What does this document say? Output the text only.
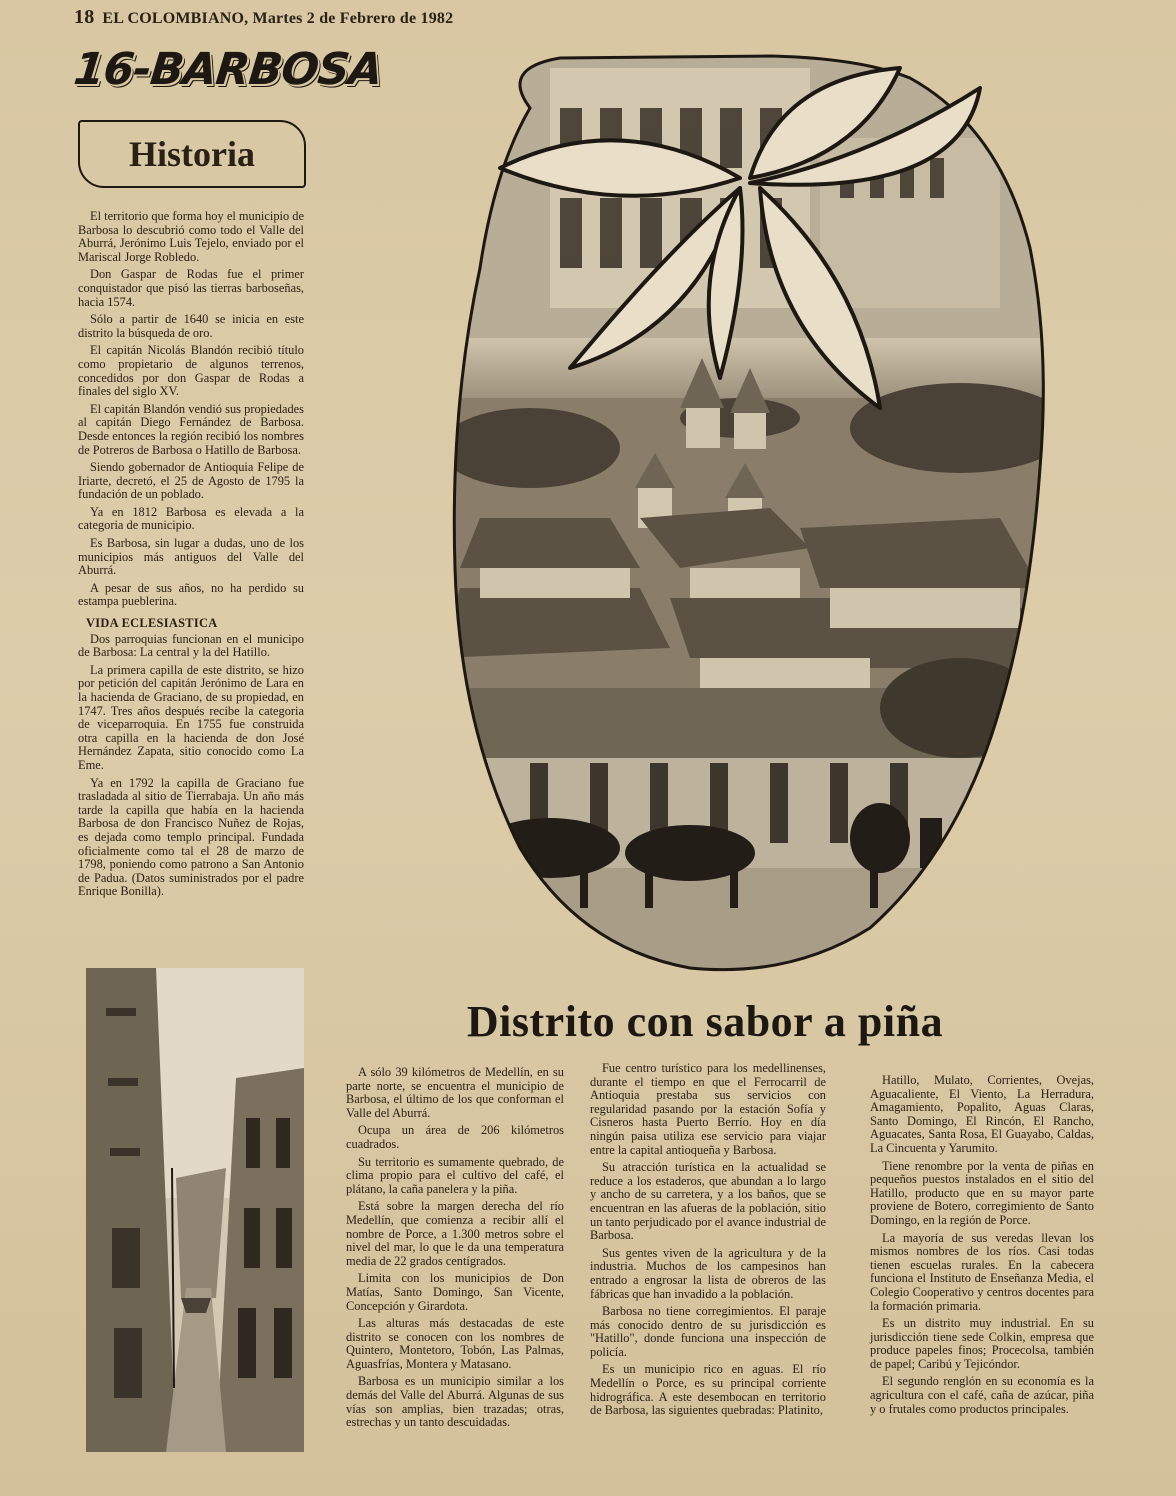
18 EL COLOMBIANO, Martes 2 de Febrero de 1982
16-BARBOSA
Historia

El territorio que forma hoy el municipio de Barbosa lo descubrió como todo el Valle del Aburrá, Jerónimo Luis Tejelo, enviado por el Mariscal Jorge Robledo.

Don Gaspar de Rodas fue el primer conquistador que pisó las tierras barboseñas, hacia 1574.

Sólo a partir de 1640 se inicia en este distrito la búsqueda de oro.

El capitán Nicolás Blandón recibió título como propietario de algunos terrenos, concedidos por don Gaspar de Rodas a finales del siglo XV.

El capitán Blandón vendió sus propiedades al capitán Diego Fernández de Barbosa. Desde entonces la región recibió los nombres de Potreros de Barbosa o Hatillo de Barbosa.

Siendo gobernador de Antioquia Felipe de Iriarte, decretó, el 25 de Agosto de 1795 la fundación de un poblado.

Ya en 1812 Barbosa es elevada a la categoria de municipio.

Es Barbosa, sin lugar a dudas, uno de los municipios más antiguos del Valle del Aburrá.

A pesar de sus años, no ha perdido su estampa pueblerina.

VIDA ECLESIASTICA

Dos parroquias funcionan en el municipo de Barbosa: La central y la del Hatillo.

La primera capilla de este distrito, se hizo por petición del capitán Jerónimo de Lara en la hacienda de Graciano, de su propiedad, en 1747. Tres años después recibe la categoria de viceparroquia. En 1755 fue construida otra capilla en la hacienda de don José Hernández Zapata, sitio conocido como La Eme.

Ya en 1792 la capilla de Graciano fue trasladada al sitio de Tierrabaja. Un año más tarde la capilla que había en la hacienda Barbosa de don Francisco Nuñez de Rojas, es dejada como templo principal. Fundada oficialmente como tal el 28 de marzo de 1798, poniendo como patrono a San Antonio de Padua. (Datos suministrados por el padre Enrique Bonilla).

Distrito con sabor a piña

A sólo 39 kilómetros de Medellín, en su parte norte, se encuentra el municipio de Barbosa, el último de los que conforman el Valle del Aburrá.

Ocupa un área de 206 kilómetros cuadrados.

Su territorio es sumamente quebrado, de clima propio para el cultivo del café, el plátano, la caña panelera y la piña.

Está sobre la margen derecha del río Medellín, que comienza a recibir allí el nombre de Porce, a 1.300 metros sobre el nivel del mar, lo que le da una temperatura media de 22 grados centígrados.

Limita con los municipios de Don Matías, Santo Domingo, San Vicente, Concepción y Girardota.

Las alturas más destacadas de este distrito se conocen con los nombres de Quintero, Montetoro, Tobón, Las Palmas, Aguasfrías, Montera y Matasano.

Barbosa es un municipio similar a los demás del Valle del Aburrá. Algunas de sus vías son amplias, bien trazadas; otras, estrechas y un tanto descuidadas.

Fue centro turístico para los medellinenses, durante el tiempo en que el Ferrocarril de Antioquia prestaba sus servicios con regularidad pasando por la estación Sofía y Cisneros hasta Puerto Berrío. Hoy en día ningún paisa utiliza ese servicio para viajar entre la capital antioqueña y Barbosa.

Su atracción turística en la actualidad se reduce a los estaderos, que abundan a lo largo y ancho de su carretera, y a los baños, que se encuentran en las afueras de la población, sitio un tanto perjudicado por el avance industrial de Barbosa.

Sus gentes viven de la agricultura y de la industria. Muchos de los campesinos han entrado a engrosar la lista de obreros de las fábricas que han invadido a la población.

Barbosa no tiene corregimientos. El paraje más conocido dentro de su jurisdicción es "Hatillo", donde funciona una inspección de policía.

Es un municipio rico en aguas. El río Medellín o Porce, es su principal corriente hidrográfica. A este desembocan en territorio de Barbosa, las siguientes quebradas: Platinito,

Hatillo, Mulato, Corrientes, Ovejas, Aguacaliente, El Viento, La Herradura, Amagamiento, Popalito, Aguas Claras, Santo Domingo, El Rincón, El Rancho, Aguacates, Santa Rosa, El Guayabo, Caldas, La Cincuenta y Yarumito.

Tiene renombre por la venta de piñas en pequeños puestos instalados en el sitio del Hatillo, producto que en su mayor parte proviene de Botero, corregimiento de Santo Domingo, en la región de Porce.

La mayoría de sus veredas llevan los mismos nombres de los ríos. Casi todas tienen escuelas rurales. En la cabecera funciona el Instituto de Enseñanza Media, el Colegio Cooperativo y centros docentes para la formación primaria.

Es un distrito muy industrial. En su jurisdicción tiene sede Colkin, empresa que produce papeles finos; Procecolsa, también de papel; Caribú y Tejicóndor.

El segundo renglón en su economía es la agricultura con el café, caña de azúcar, piña y o frutales como productos principales.
